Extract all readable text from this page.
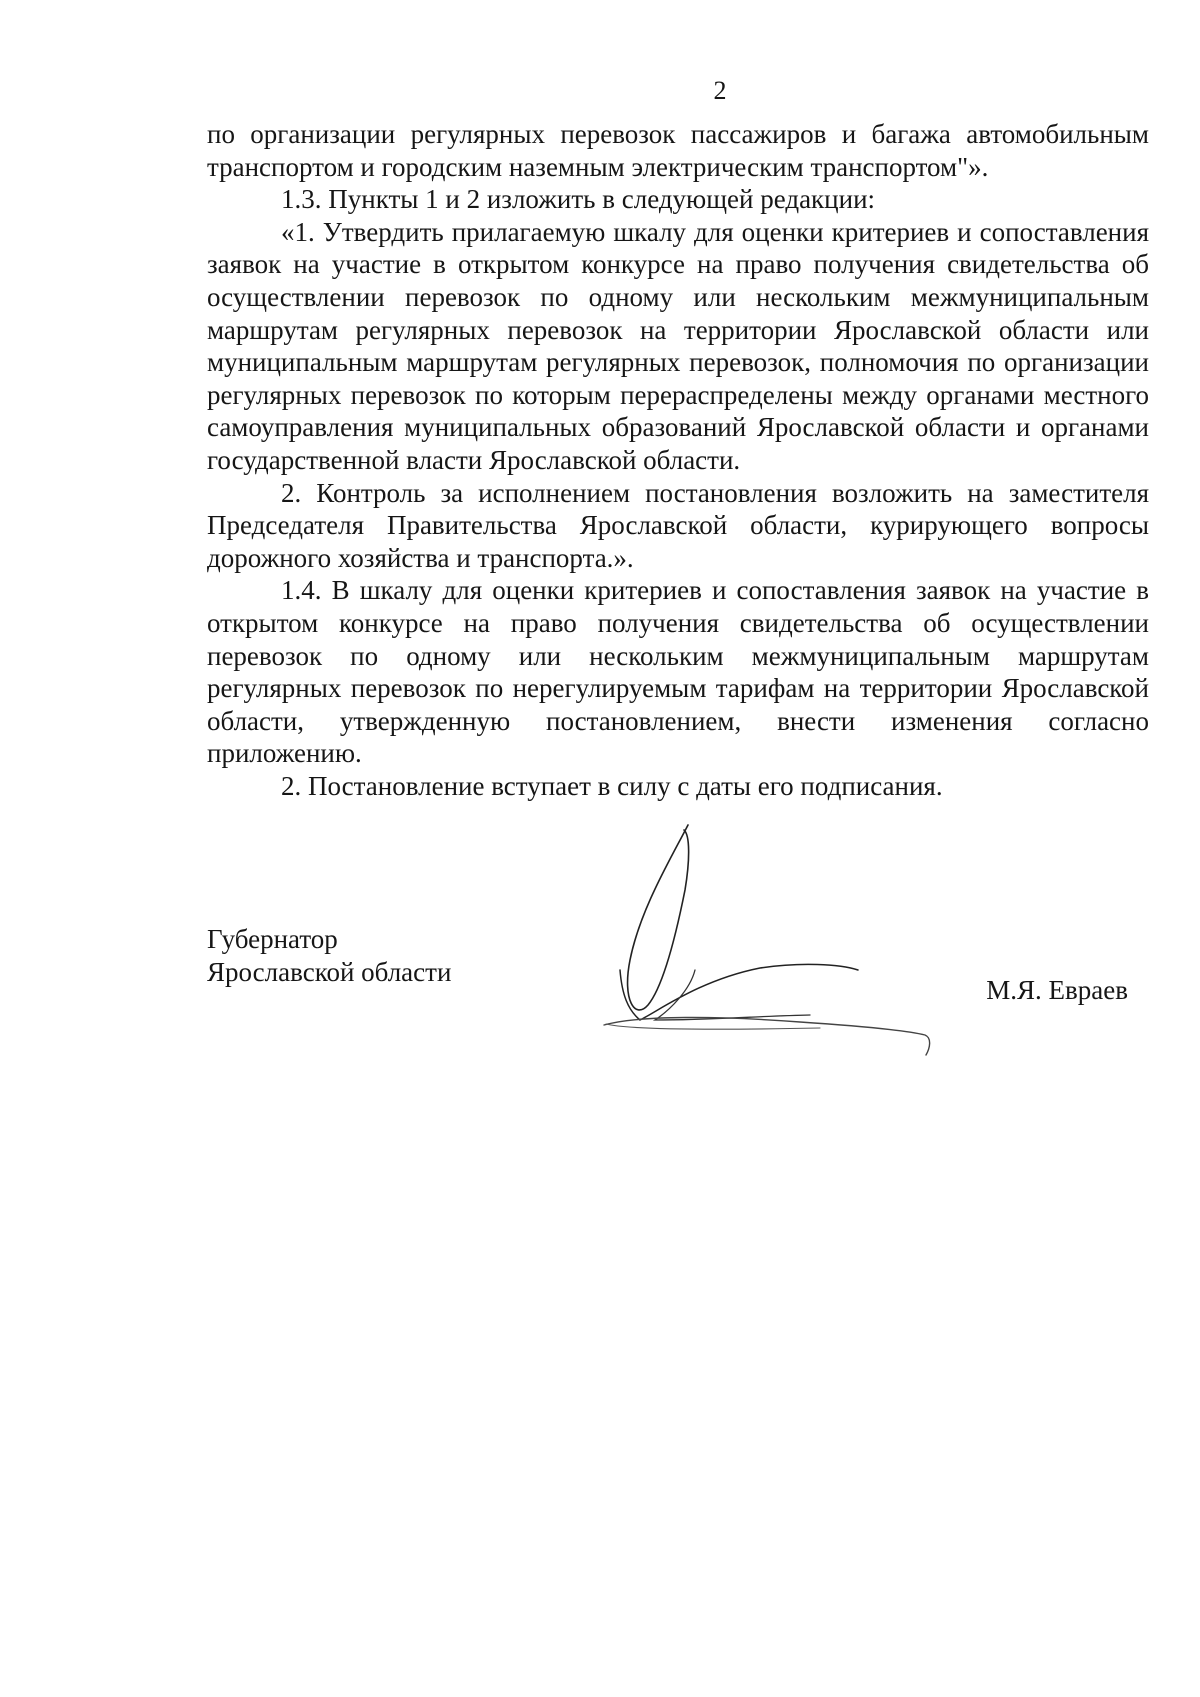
2

по организации регулярных перевозок пассажиров и багажа автомобильным транспортом и городским наземным электрическим транспортом"».

1.3. Пункты 1 и 2 изложить в следующей редакции:

«1. Утвердить прилагаемую шкалу для оценки критериев и сопоставления заявок на участие в открытом конкурсе на право получения свидетельства об осуществлении перевозок по одному или нескольким межмуниципальным маршрутам регулярных перевозок на территории Ярославской области или муниципальным маршрутам регулярных перевозок, полномочия по организации регулярных перевозок по которым перераспределены между органами местного самоуправления муниципальных образований Ярославской области и органами государственной власти Ярославской области.

2. Контроль за исполнением постановления возложить на заместителя Председателя Правительства Ярославской области, курирующего вопросы дорожного хозяйства и транспорта.».

1.4. В шкалу для оценки критериев и сопоставления заявок на участие в открытом конкурсе на право получения свидетельства об осуществлении перевозок по одному или нескольким межмуниципальным маршрутам регулярных перевозок по нерегулируемым тарифам на территории Ярославской области, утвержденную постановлением, внести изменения согласно приложению.

2. Постановление вступает в силу с даты его подписания.

Губернатор
Ярославской области
М.Я. Евраев
